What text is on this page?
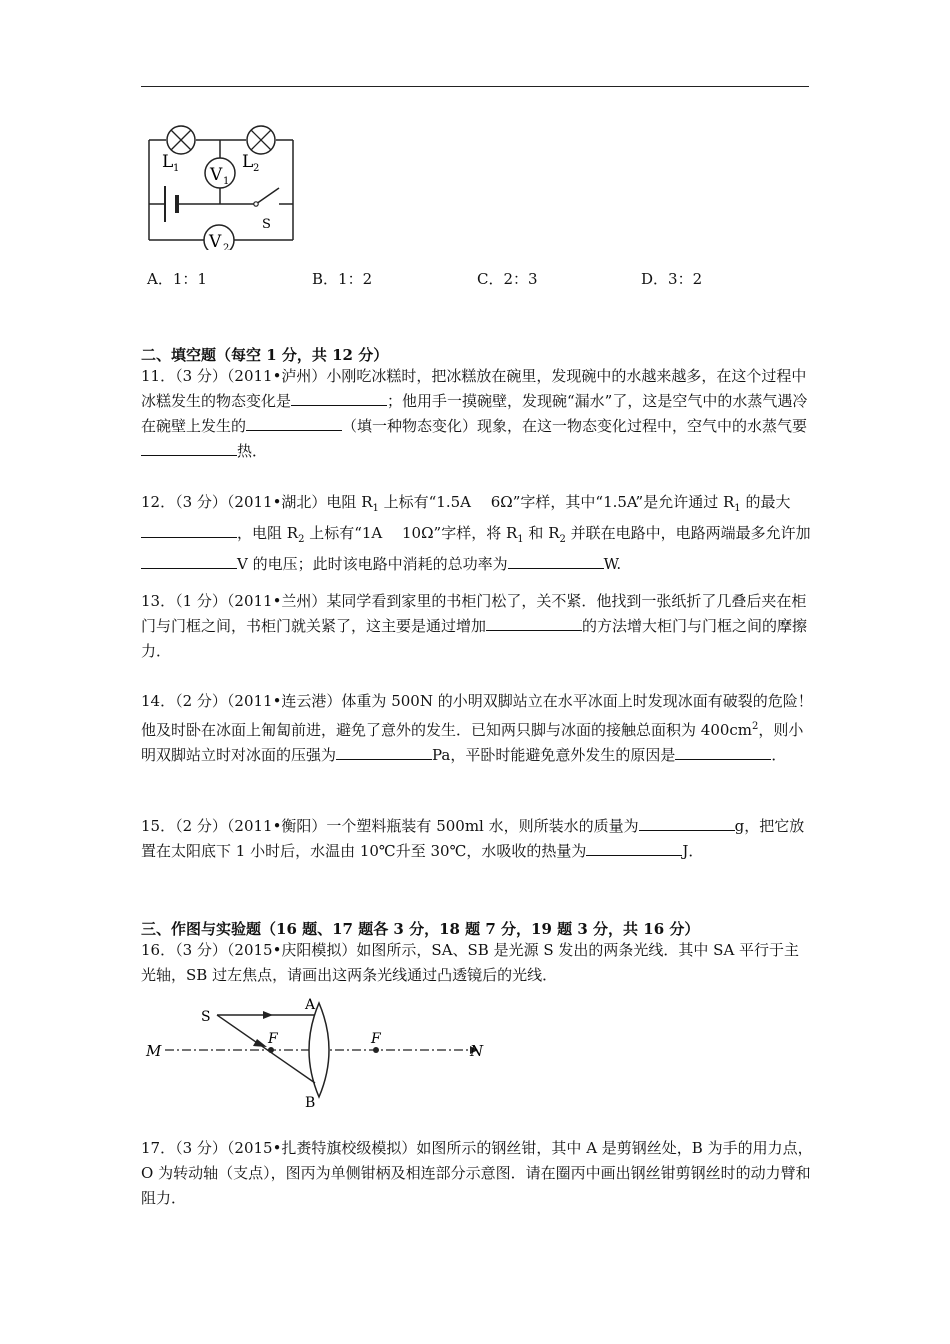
V 1
V 2
L 1	L 2
S
A．1：1	B．1：2	C．2：3	D．3：2
二、填空题（每空 1 分，共 12 分）
11．（3 分）（2011•泸州）小刚吃冰糕时，把冰糕放在碗里，发现碗中的水越来越多，在这个过程中冰糕发生的物态变化是	；他用手一摸碗壁，发现碗“漏水”了，这是空气中的水蒸气遇冷在碗壁上发生的	（填一种物态变化）现象，在这一物态变化过程中，空气中的水蒸气要热．
12．（3 分）（2011•湖北）电阻 $R_1$ 上标有“1.5A　 6Ω”字样，其中“1.5A”是允许通过 $R_1$ 的最大，电阻 $R_2$ 上标有“1A　 10Ω”字样，将 $R_1$ 和 $R_2$ 并联在电路中，电路两端最多允许加V 的电压；此时该电路中消耗的总功率为	W.
13．（1 分）（2011•兰州）某同学看到家里的书柜门松了，关不紧．他找到一张纸折了几叠后夹在柜门与门框之间，书柜门就关紧了，这主要是通过增加	的方法增大柜门与门框之间的摩擦力．
14．（2 分）（2011•连云港）体重为 500N 的小明双脚站立在水平冰面上时发现冰面有破裂的危险！他及时卧在冰面上匍匐前进，避免了意外的发生．已知两只脚与冰面的接触总面积为 $400cm^2$，则小明双脚站立时对冰面的压强为	Pa，平卧时能避免意外发生的原因是	．
15．（2 分）（2011•衡阳）一个塑料瓶装有 500ml 水，则所装水的质量为	g，把它放置在太阳底下 1 小时后，水温由 10℃升至 30℃，水吸收的热量为	J．
三、作图与实验题（16 题、17 题各 3 分，18 题 7 分，19 题 3 分，共 16 分）
16．（3 分）（2015•庆阳模拟）如图所示，SA、SB 是光源 S 发出的两条光线．其中 SA 平行于主光轴，SB 过左焦点，请画出这两条光线通过凸透镜后的光线．
S
A
B
F	F
M	N
17．（3 分）（2015•扎赉特旗校级模拟）如图所示的钢丝钳，其中 A 是剪钢丝处，B 为手的用力点，O 为转动轴（支点），图丙为单侧钳柄及相连部分示意图．请在圈丙中画出钢丝钳剪钢丝时的动力臂和阻力．
